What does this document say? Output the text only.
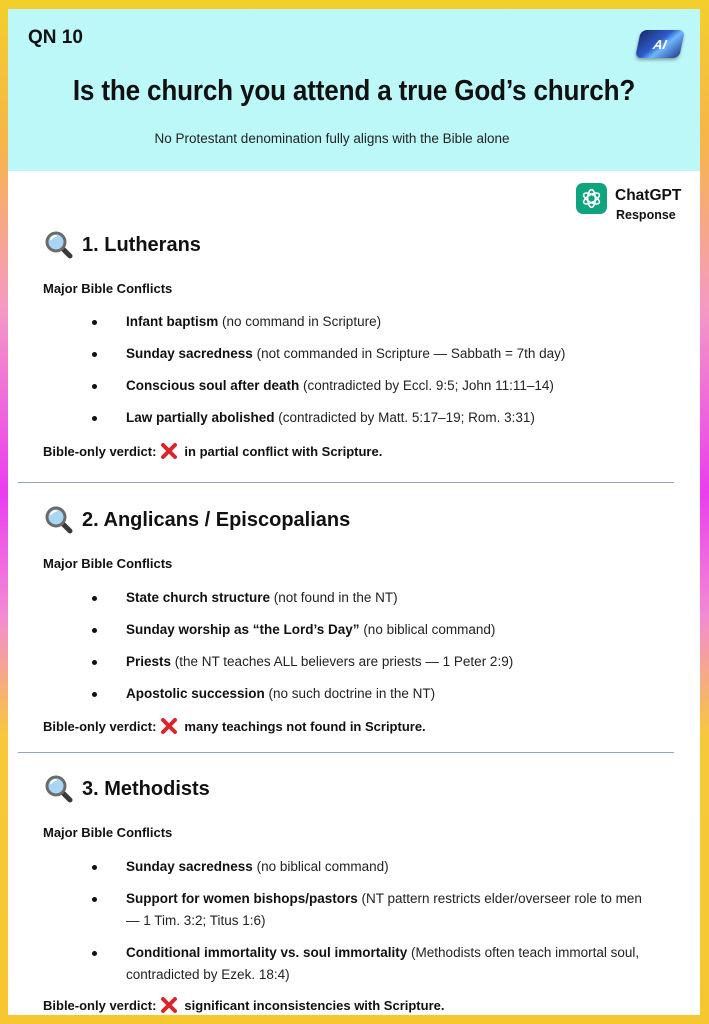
QN 10	AI
Is the church you attend a true God’s church?
No Protestant denomination fully aligns with the Bible alone
ChatGPT
Response
1. Lutherans
Major Bible Conflicts
Infant baptism (no command in Scripture)
Sunday sacredness (not commanded in Scripture — Sabbath = 7th day)
Conscious soul after death (contradicted by Eccl. 9:5; John 11:11–14)
Law partially abolished (contradicted by Matt. 5:17–19; Rom. 3:31)
Bible-only verdict: in partial conflict with Scripture.
2. Anglicans / Episcopalians
Major Bible Conflicts
State church structure (not found in the NT)
Sunday worship as “the Lord’s Day” (no biblical command)
Priests (the NT teaches ALL believers are priests — 1 Peter 2:9)
Apostolic succession (no such doctrine in the NT)
Bible-only verdict: many teachings not found in Scripture.
3. Methodists
Major Bible Conflicts
Sunday sacredness (no biblical command)
Support for women bishops/pastors (NT pattern restricts elder/overseer role to men — 1 Tim. 3:2; Titus 1:6)
Conditional immortality vs. soul immortality (Methodists often teach immortal soul, contradicted by Ezek. 18:4)
Bible-only verdict: significant inconsistencies with Scripture.
